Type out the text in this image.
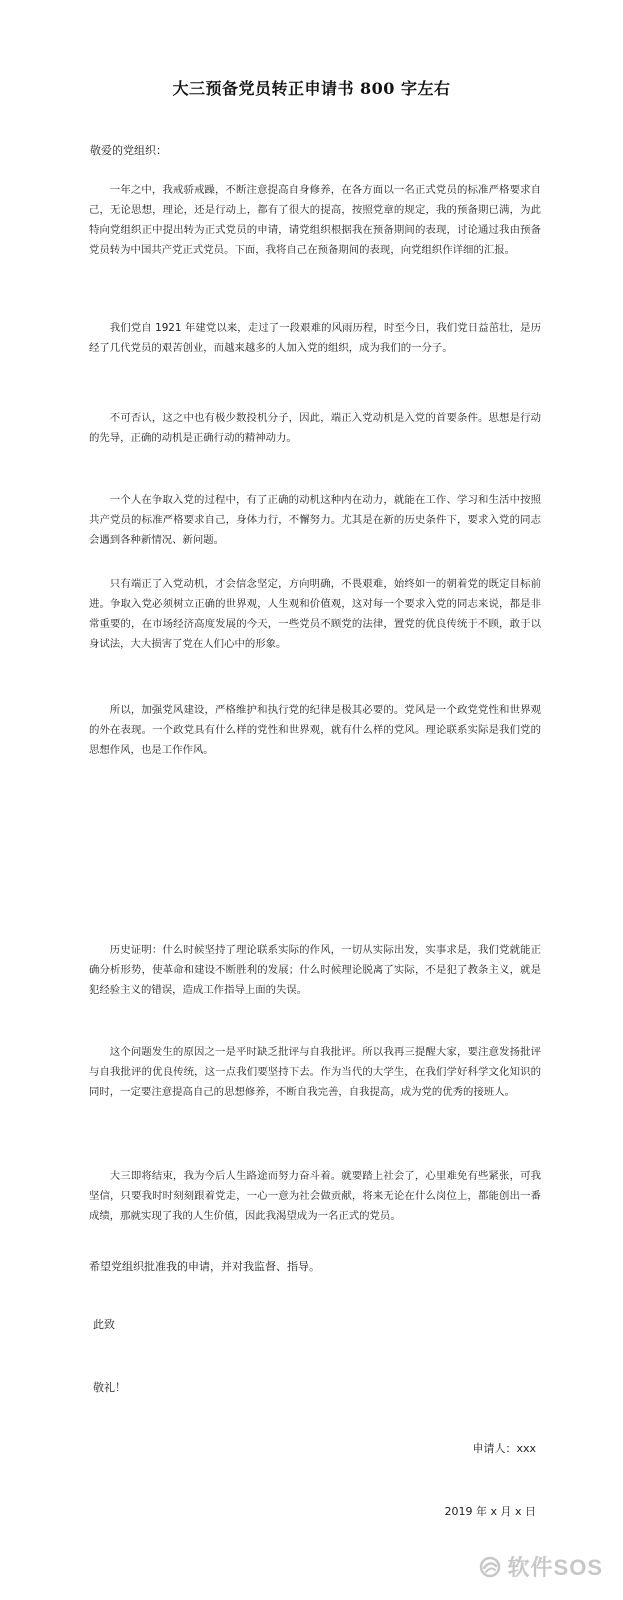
大三预备党员转正申请书 800 字左右
敬爱的党组织：

一年之中，我戒骄戒躁，不断注意提高自身修养，在各方面以一名正式党员的标准严格要求自己，无论思想，理论，还是行动上，都有了很大的提高，按照党章的规定，我的预备期已满，为此特向党组织正中提出转为正式党员的申请，请党组织根据我在预备期间的表现，讨论通过我由预备党员转为中国共产党正式党员。下面，我将自己在预备期间的表现，向党组织作详细的汇报。

我们党自 1921 年建党以来，走过了一段艰难的风雨历程，时至今日，我们党日益茁壮，是历经了几代党员的艰苦创业，而越来越多的人加入党的组织，成为我们的一分子。

不可否认，这之中也有极少数投机分子，因此，端正入党动机是入党的首要条件。思想是行动的先导，正确的动机是正确行动的精神动力。

一个人在争取入党的过程中，有了正确的动机这种内在动力，就能在工作、学习和生活中按照共产党员的标准严格要求自己，身体力行，不懈努力。尤其是在新的历史条件下，要求入党的同志会遇到各种新情况、新问题。

只有端正了入党动机，才会信念坚定，方向明确，不畏艰难，始终如一的朝着党的既定目标前进。争取入党必须树立正确的世界观，人生观和价值观，这对每一个要求入党的同志来说，都是非常重要的，在市场经济高度发展的今天，一些党员不顾党的法律，置党的优良传统于不顾，敢于以身试法，大大损害了党在人们心中的形象。

所以，加强党风建设，严格维护和执行党的纪律是极其必要的。党风是一个政党党性和世界观的外在表现。一个政党具有什么样的党性和世界观，就有什么样的党风。理论联系实际是我们党的思想作风，也是工作作风。

历史证明：什么时候坚持了理论联系实际的作风，一切从实际出发，实事求是，我们党就能正确分析形势，使革命和建设不断胜利的发展；什么时候理论脱离了实际，不是犯了教条主义，就是犯经验主义的错误，造成工作指导上面的失误。

这个问题发生的原因之一是平时缺乏批评与自我批评。所以我再三提醒大家，要注意发扬批评与自我批评的优良传统，这一点我们要坚持下去。作为当代的大学生，在我们学好科学文化知识的同时，一定要注意提高自己的思想修养，不断自我完善，自我提高，成为党的优秀的接班人。

大三即将结束，我为今后人生路途而努力奋斗着。就要踏上社会了，心里难免有些紧张，可我坚信，只要我时时刻刻跟着党走，一心一意为社会做贡献，将来无论在什么岗位上，都能创出一番成绩，那就实现了我的人生价值，因此我渴望成为一名正式的党员。

希望党组织批准我的申请，并对我监督、指导。
此致
敬礼！
申请人：xxx
2019 年 x 月 x 日
软件SOS
